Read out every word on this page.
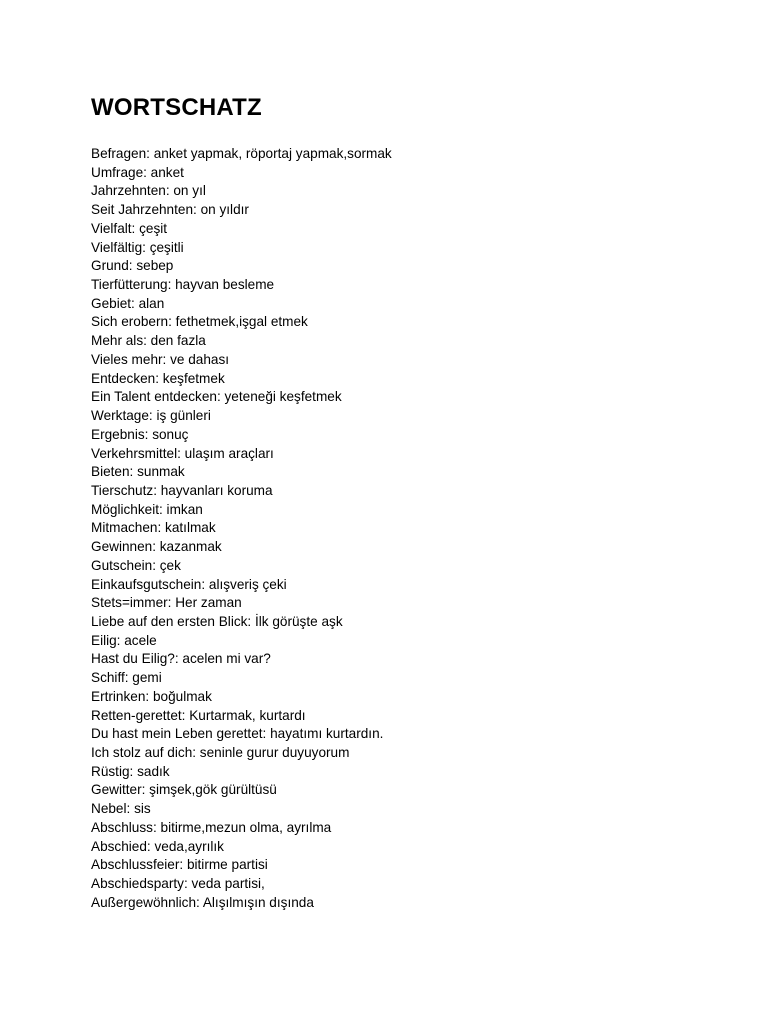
WORTSCHATZ
Befragen: anket yapmak, röportaj yapmak,sormak
Umfrage: anket
Jahrzehnten: on yıl
Seit Jahrzehnten: on yıldır
Vielfalt: çeşit
Vielfältig: çeşitli
Grund: sebep
Tierfütterung: hayvan besleme
Gebiet: alan
Sich erobern: fethetmek,işgal etmek
Mehr als: den fazla
Vieles mehr: ve dahası
Entdecken: keşfetmek
Ein Talent entdecken: yeteneği keşfetmek
Werktage: iş günleri
Ergebnis: sonuç
Verkehrsmittel: ulaşım araçları
Bieten: sunmak
Tierschutz: hayvanları koruma
Möglichkeit: imkan
Mitmachen: katılmak
Gewinnen: kazanmak
Gutschein: çek
Einkaufsgutschein: alışveriş çeki
Stets=immer: Her zaman
Liebe auf den ersten Blick: İlk görüşte aşk
Eilig: acele
Hast du Eilig?: acelen mi var?
Schiff: gemi
Ertrinken: boğulmak
Retten-gerettet: Kurtarmak, kurtardı
Du hast mein Leben gerettet: hayatımı kurtardın.
Ich stolz auf dich: seninle gurur duyuyorum
Rüstig: sadık
Gewitter: şimşek,gök gürültüsü
Nebel: sis
Abschluss: bitirme,mezun olma, ayrılma
Abschied: veda,ayrılık
Abschlussfeier: bitirme partisi
Abschiedsparty: veda partisi,
Außergewöhnlich: Alışılmışın dışında
